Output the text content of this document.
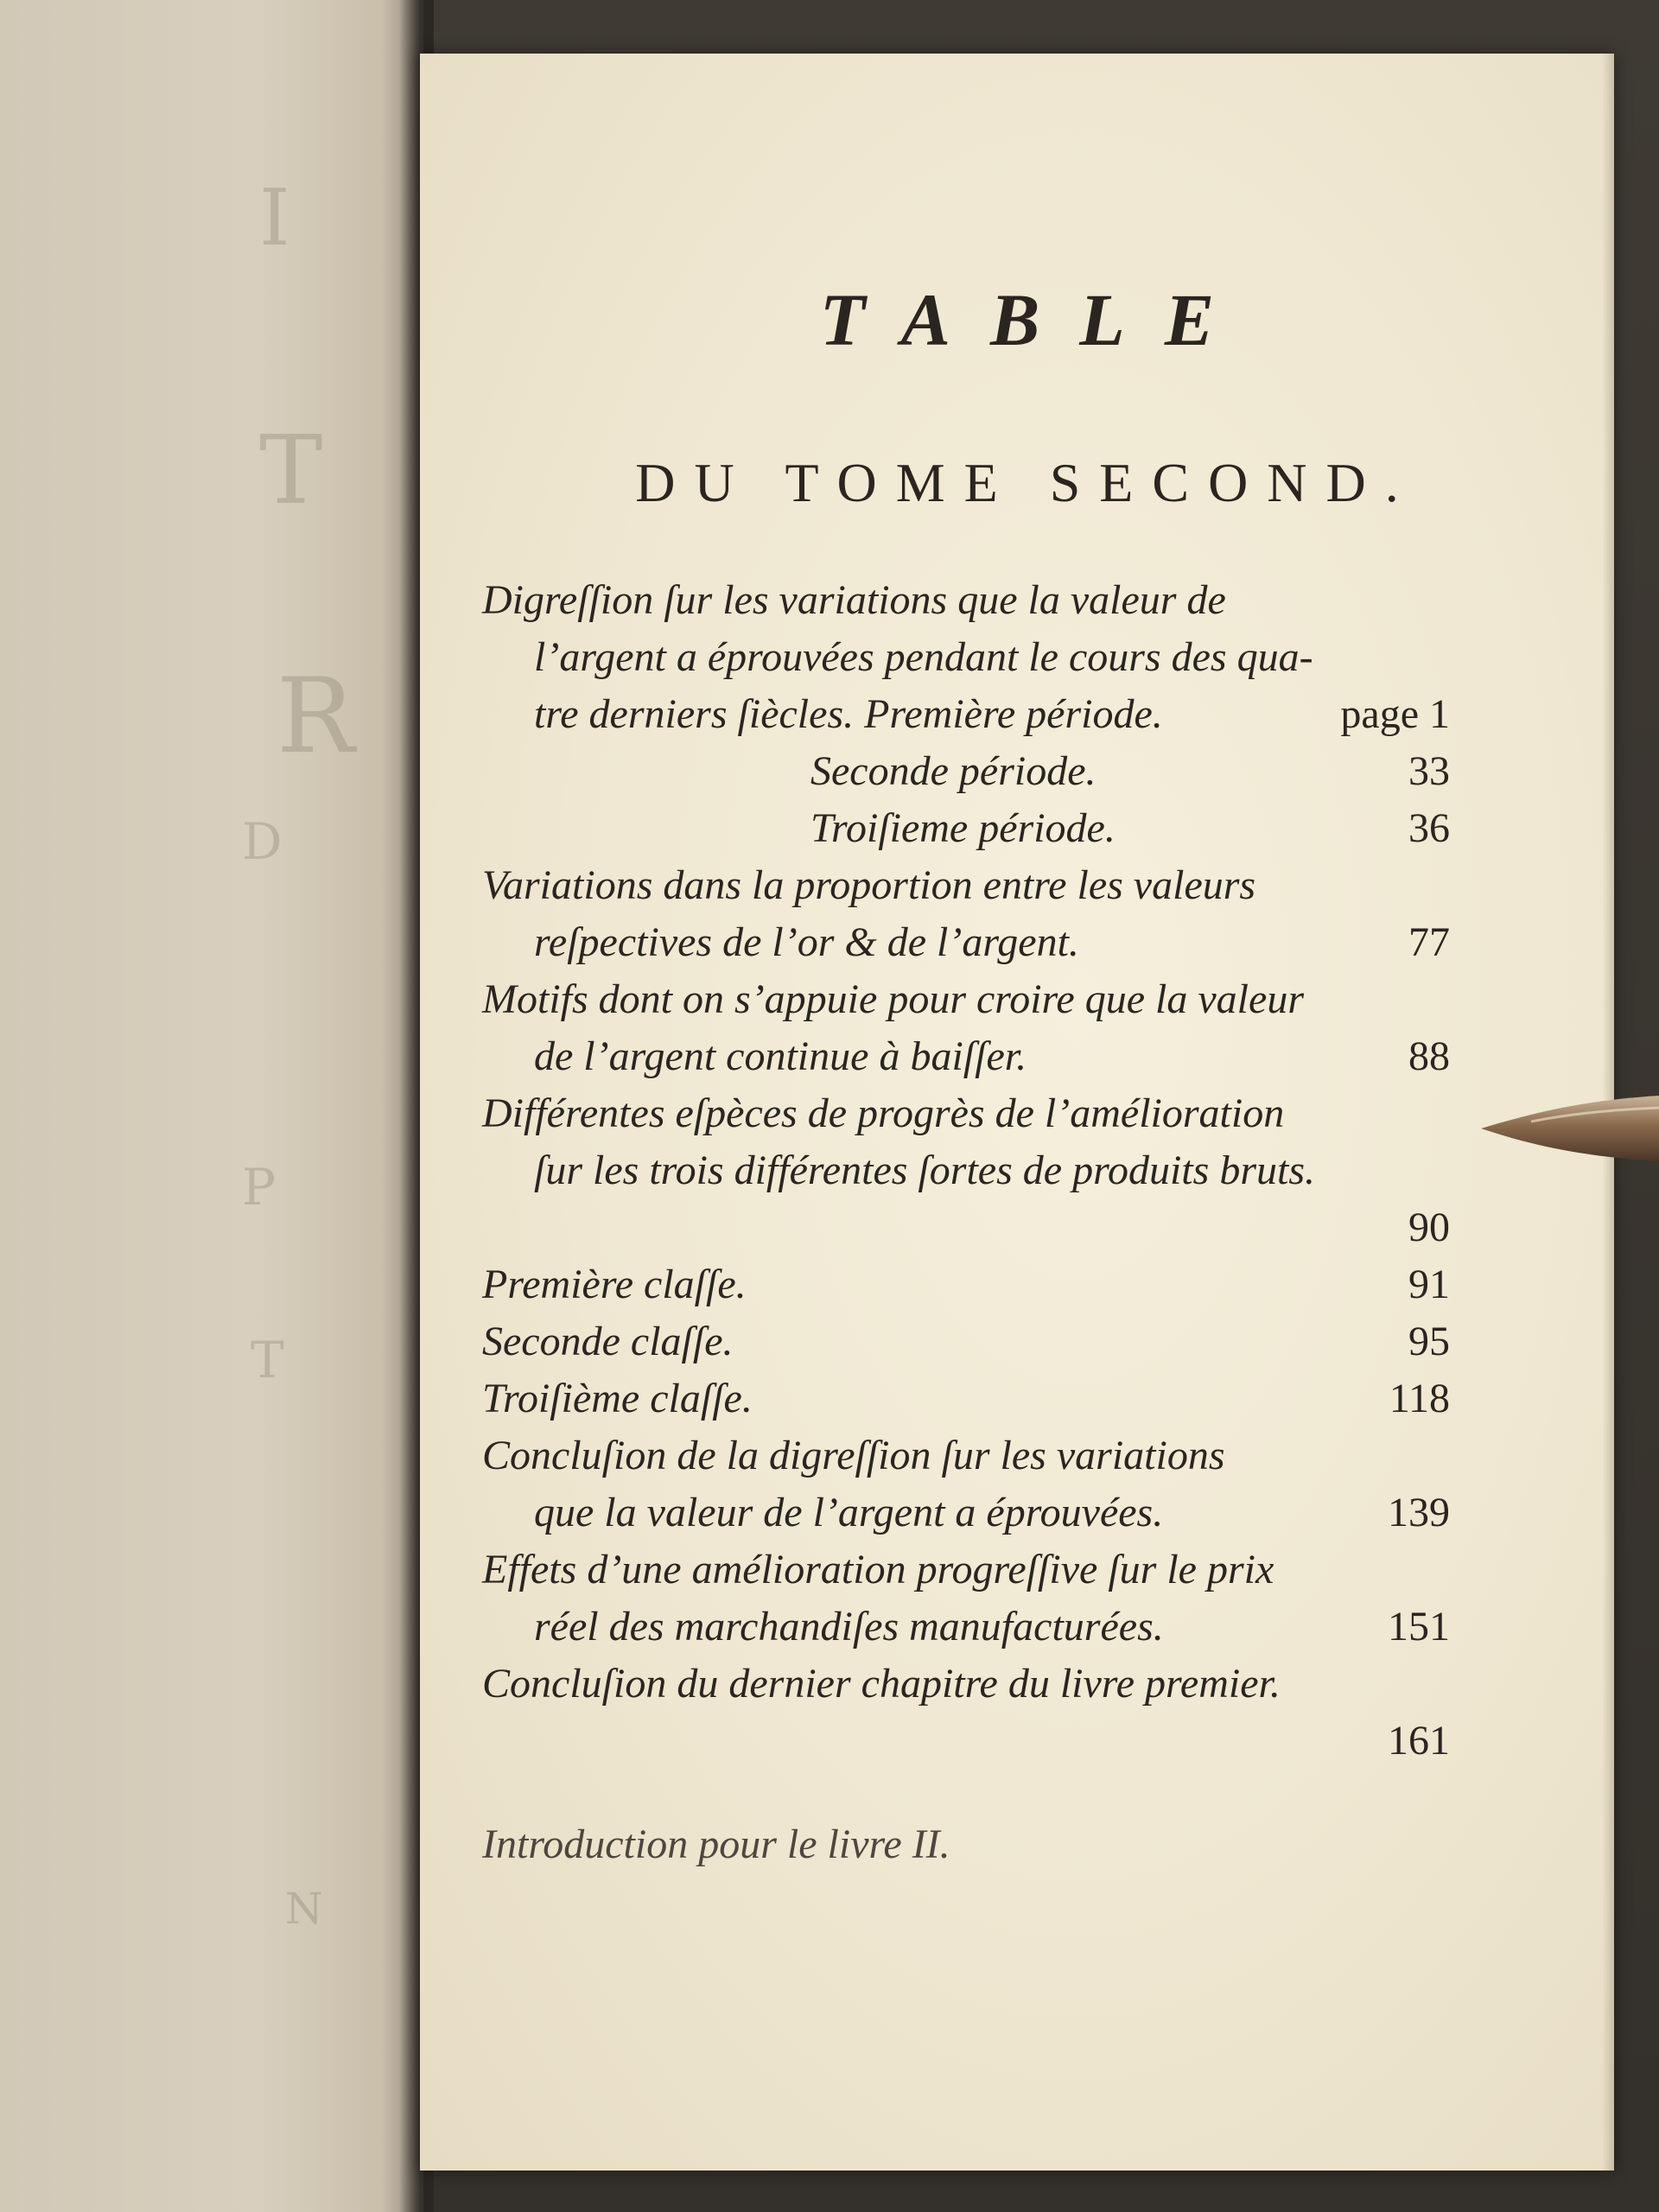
I
T
R
D
P
T
N
TABLE
DU TOME SECOND.
Digreſſion ſur les variations que la valeur de
l’argent a éprouvées pendant le cours des qua-
tre derniers ſiècles. Première période.	page 1
Seconde période.	33
Troiſieme période.	36
Variations dans la proportion entre les valeurs
reſpectives de l’or & de l’argent.	77
Motifs dont on s’appuie pour croire que la valeur
de l’argent continue à baiſſer.	88
Différentes eſpèces de progrès de l’amélioration
ſur les trois différentes ſortes de produits bruts.
90
Première claſſe.	91
Seconde claſſe.	95
Troiſième claſſe.	118
Concluſion de la digreſſion ſur les variations
que la valeur de l’argent a éprouvées.	139
Effets d’une amélioration progreſſive ſur le prix
réel des marchandiſes manufacturées.	151
Concluſion du dernier chapitre du livre premier.
161
Introduction pour le livre II.
